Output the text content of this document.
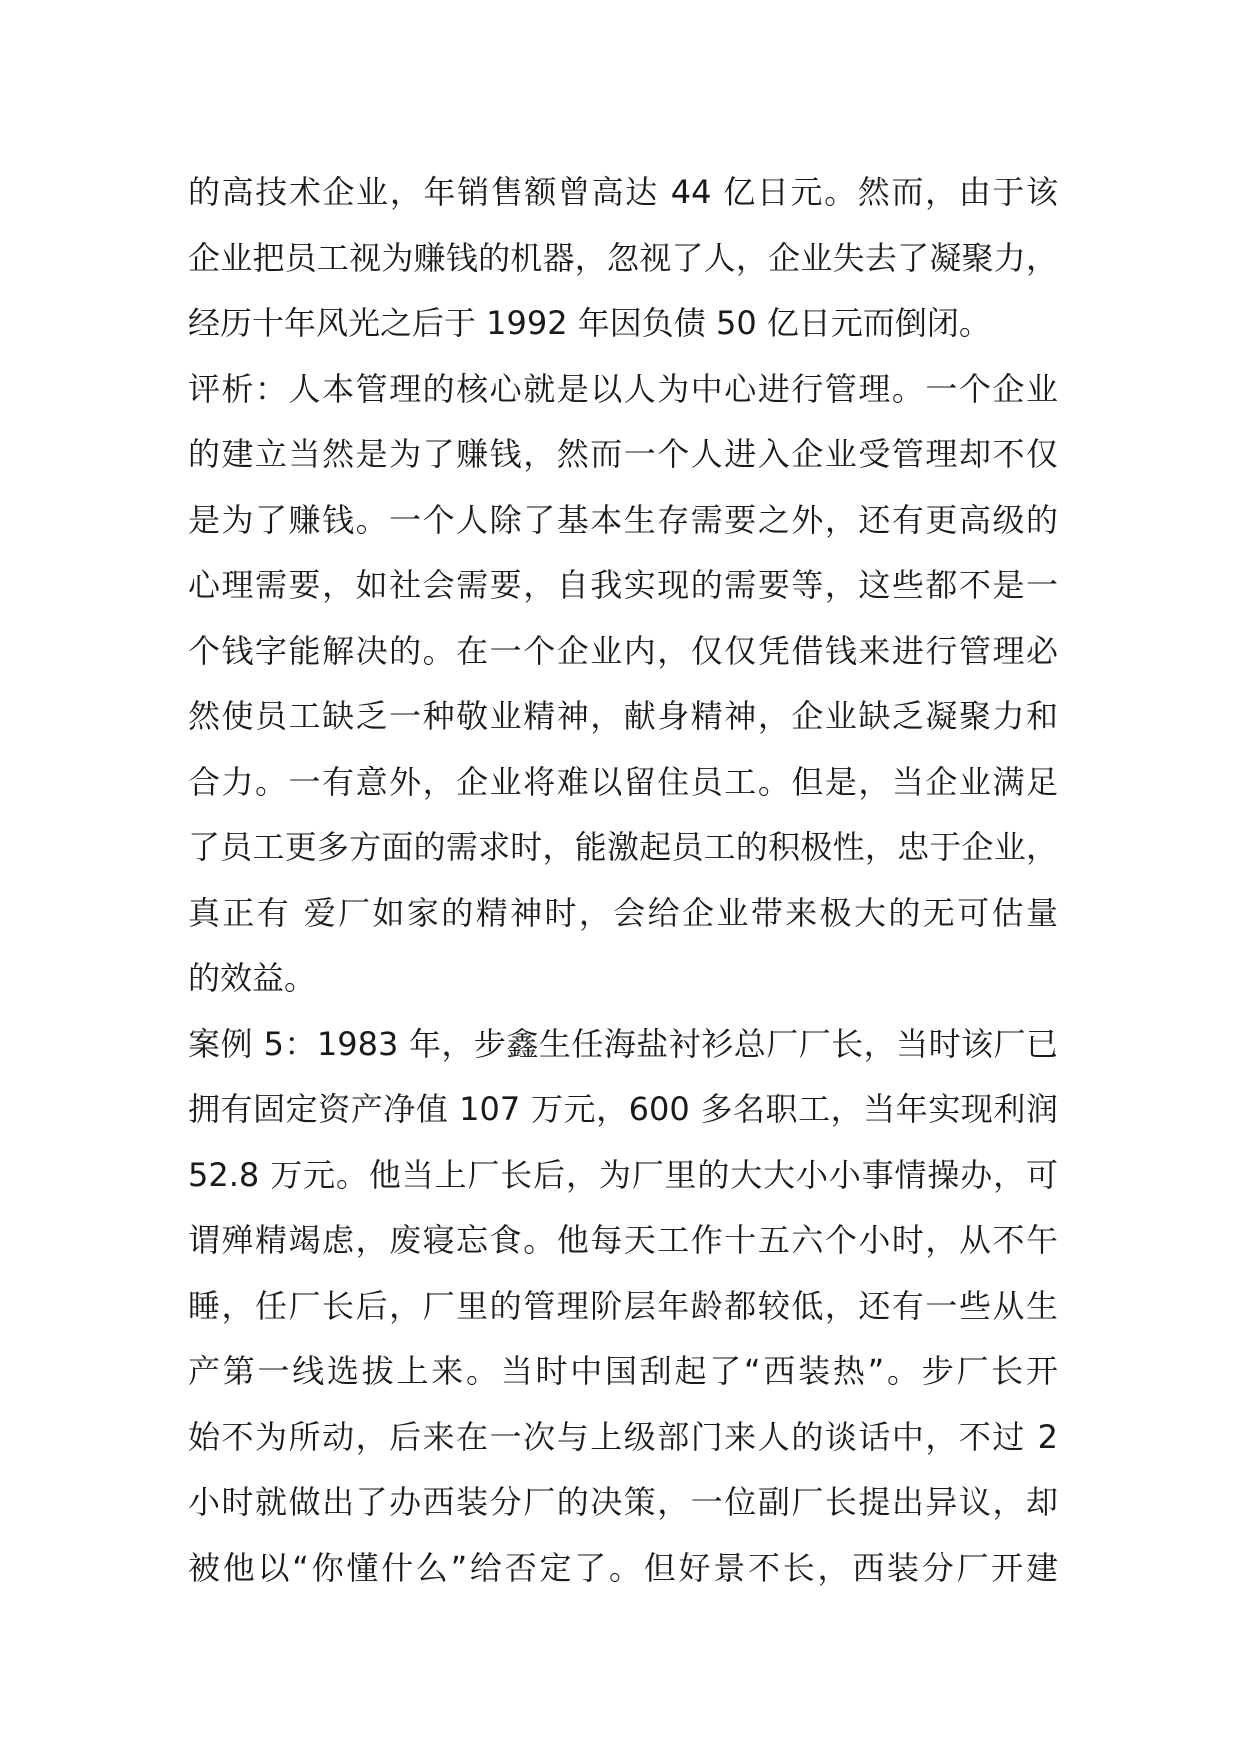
的高技术企业，年销售额曾高达 44 亿日元。然而，由于该
企业把员工视为赚钱的机器，忽视了人，企业失去了凝聚力，
经历十年风光之后于 1992 年因负债 50 亿日元而倒闭。
评析：人本管理的核心就是以人为中心进行管理。一个企业
的建立当然是为了赚钱，然而一个人进入企业受管理却不仅
是为了赚钱。一个人除了基本生存需要之外，还有更高级的
心理需要，如社会需要，自我实现的需要等，这些都不是一
个钱字能解决的。在一个企业内，仅仅凭借钱来进行管理必
然使员工缺乏一种敬业精神，献身精神，企业缺乏凝聚力和
合力。一有意外，企业将难以留住员工。但是，当企业满足
了员工更多方面的需求时，能激起员工的积极性，忠于企业，
真正有 爱厂如家的精神时，会给企业带来极大的无可估量
的效益。
案例 5：1983 年，步鑫生任海盐衬衫总厂厂长，当时该厂已
拥有固定资产净值 107 万元，600 多名职工，当年实现利润
52.8 万元。他当上厂长后，为厂里的大大小小事情操办，可
谓殚精竭虑，废寝忘食。他每天工作十五六个小时，从不午
睡，任厂长后，厂里的管理阶层年龄都较低，还有一些从生
产第一线选拔上来。当时中国刮起了“西装热”。步厂长开
始不为所动，后来在一次与上级部门来人的谈话中，不过 2
小时就做出了办西装分厂的决策，一位副厂长提出异议，却
被他以“你懂什么”给否定了。但好景不长，西装分厂开建
